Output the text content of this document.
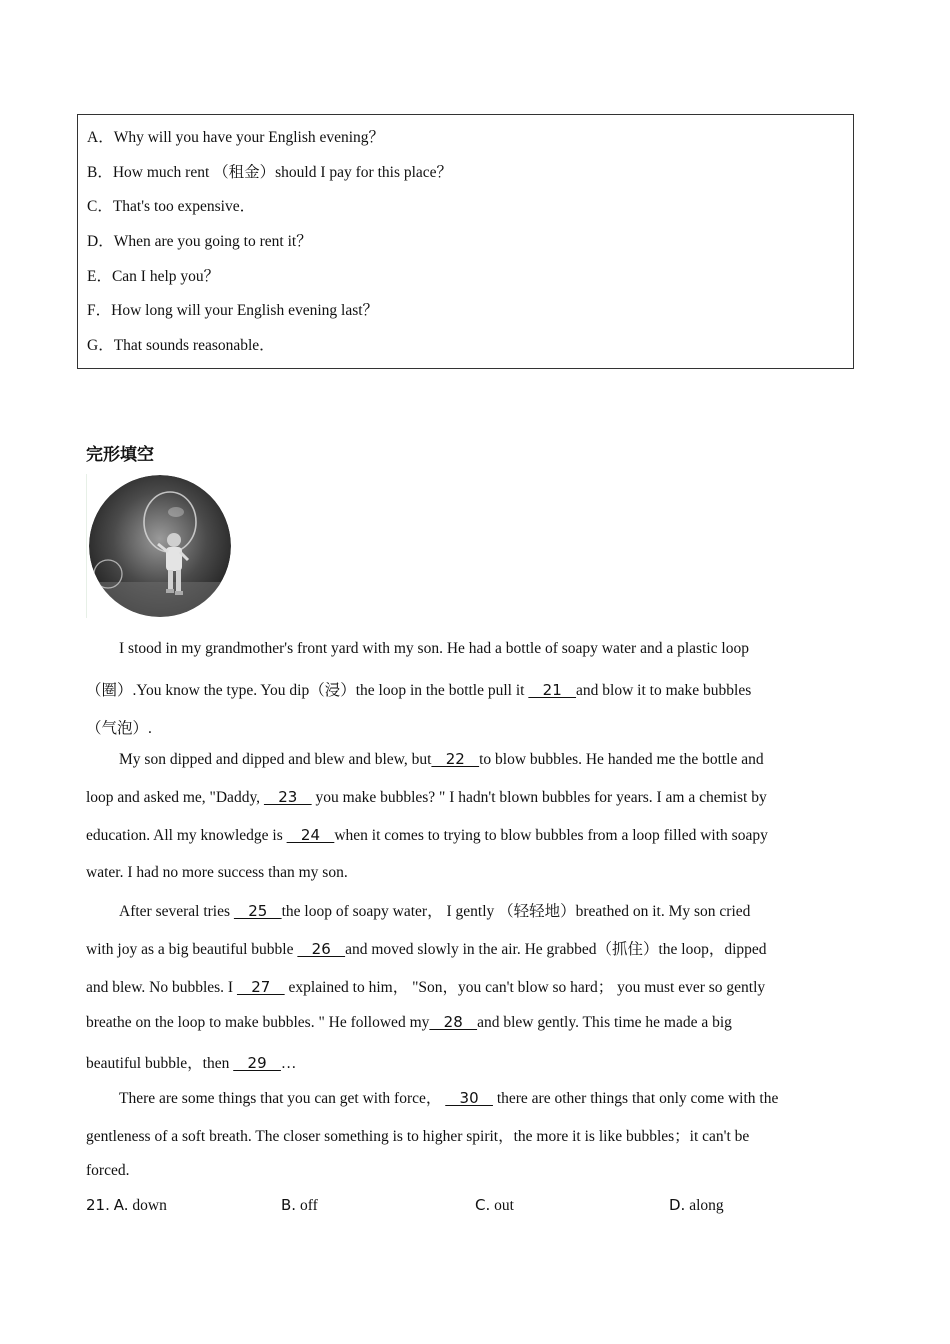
A．Why will you have your English evening？
B．How much rent （租金）should I pay for this place？
C．That's too expensive．
D．When are you going to rent it？
E．Can I help you？
F．How long will your English evening last？
G．That sounds reasonable．
完形填空
I stood in my grandmother's front yard with my son. He had a bottle of soapy water and a plastic loop
（圈）.You know the type. You dip（浸）the loop in the bottle pull it    21   and blow it to make bubbles
（气泡）.
My son dipped and dipped and blew and blew, but   22   to blow bubbles. He handed me the bottle and
loop and asked me, "Daddy,    23    you make bubbles? " I hadn't blown bubbles for years. I am a chemist by
education. All my knowledge is    24   when it comes to trying to blow bubbles from a loop filled with soapy
water. I had no more success than my son.
After several tries    25   the loop of soapy water， I gently （轻轻地）breathed on it. My son cried
with joy as a big beautiful bubble    26   and moved slowly in the air. He grabbed（抓住）the loop，dipped
and blew. No bubbles. I    27    explained to him， "Son，you can't blow so hard； you must ever so gently
breathe on the loop to make bubbles. " He followed my   28   and blew gently. This time he made a big
beautiful bubble，then    29   …
There are some things that you can get with force，    30    there are other things that only come with the
gentleness of a soft breath. The closer something is to higher spirit，the more it is like bubbles；it can't be
forced.
21. A. down	B. off	C. out	D. along
